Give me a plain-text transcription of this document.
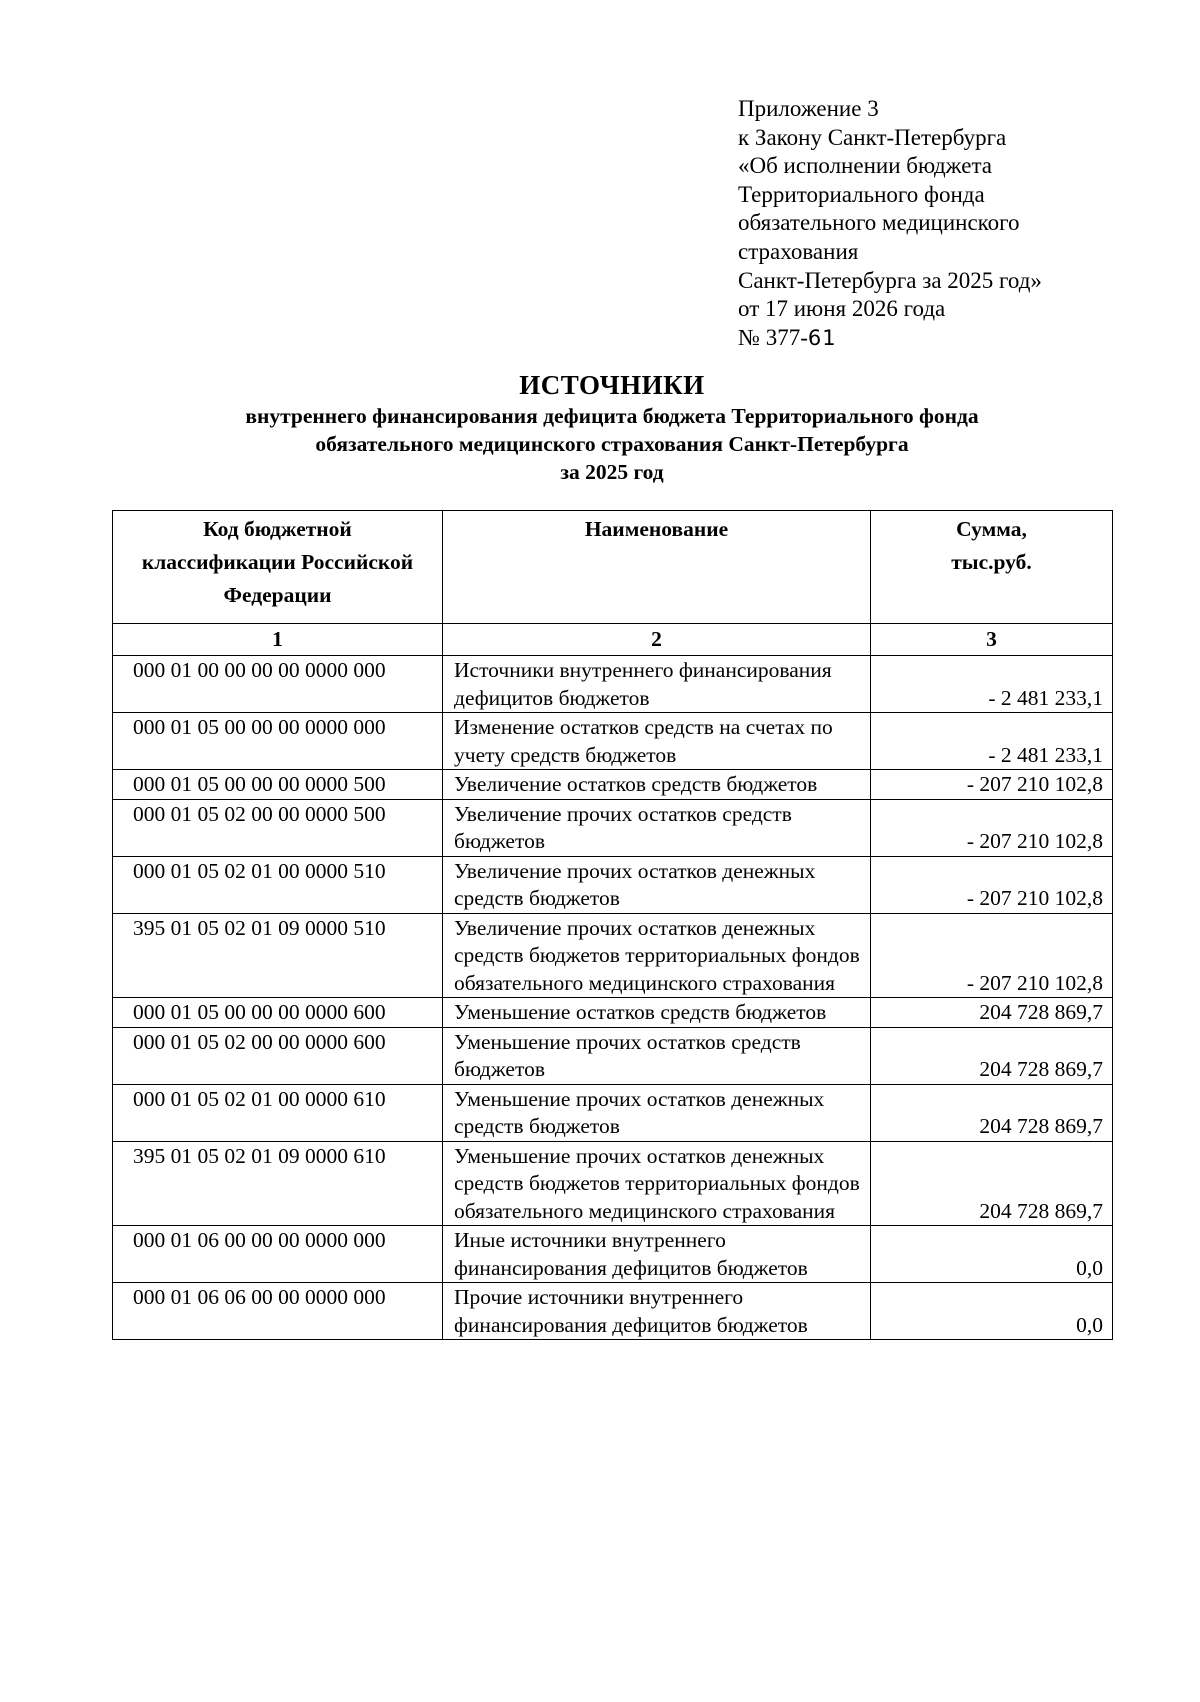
Приложение 3
к Закону Санкт-Петербурга
«Об исполнении бюджета
Территориального фонда
обязательного медицинского
страхования
Санкт-Петербурга за 2025 год»
от 17 июня 2026 года
№ 377-61
ИСТОЧНИКИ
внутреннего финансирования дефицита бюджета Территориального фонда
обязательного медицинского страхования Санкт-Петербурга
за 2025 год
Код бюджетной классификации Российской Федерации	Наименование	Сумма, тыс.руб.
1	2	3
000 01 00 00 00 00 0000 000	Источники внутреннего финансирования дефицитов бюджетов	- 2 481 233,1
000 01 05 00 00 00 0000 000	Изменение остатков средств на счетах по учету средств бюджетов	- 2 481 233,1
000 01 05 00 00 00 0000 500	Увеличение остатков средств бюджетов	- 207 210 102,8
000 01 05 02 00 00 0000 500	Увеличение прочих остатков средств бюджетов	- 207 210 102,8
000 01 05 02 01 00 0000 510	Увеличение прочих остатков денежных средств бюджетов	- 207 210 102,8
395 01 05 02 01 09 0000 510	Увеличение прочих остатков денежных средств бюджетов территориальных фондов обязательного медицинского страхования	- 207 210 102,8
000 01 05 00 00 00 0000 600	Уменьшение остатков средств бюджетов	204 728 869,7
000 01 05 02 00 00 0000 600	Уменьшение прочих остатков средств бюджетов	204 728 869,7
000 01 05 02 01 00 0000 610	Уменьшение прочих остатков денежных средств бюджетов	204 728 869,7
395 01 05 02 01 09 0000 610	Уменьшение прочих остатков денежных средств бюджетов территориальных фондов обязательного медицинского страхования	204 728 869,7
000 01 06 00 00 00 0000 000	Иные источники внутреннего финансирования дефицитов бюджетов	0,0
000 01 06 06 00 00 0000 000	Прочие источники внутреннего финансирования дефицитов бюджетов	0,0
